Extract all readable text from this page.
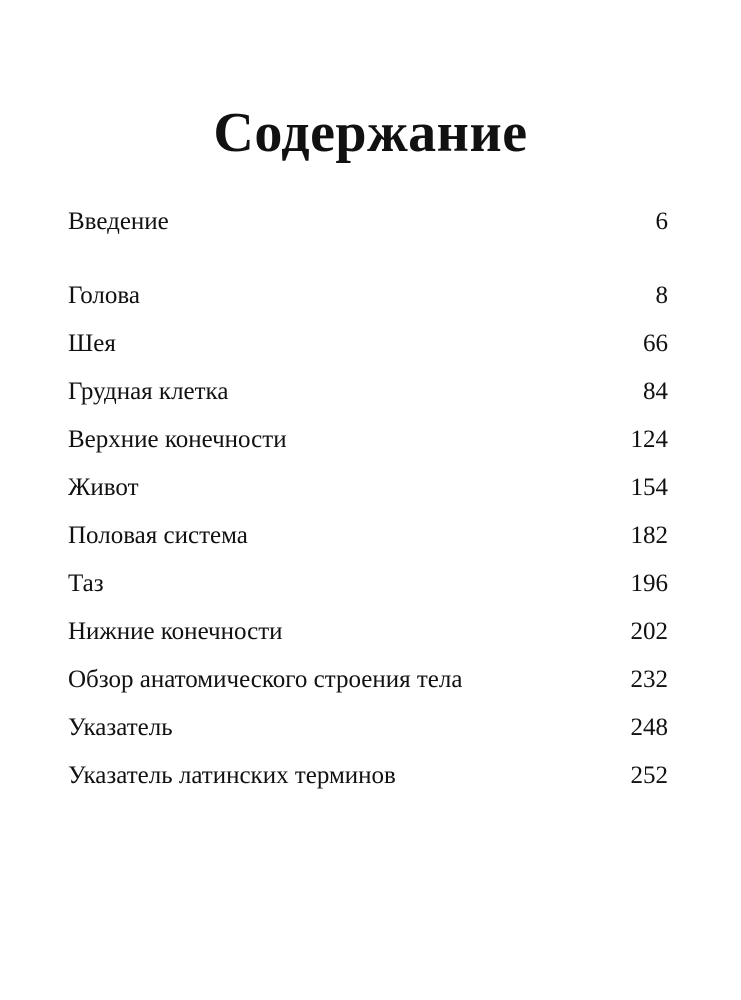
Содержание
Введение	6
Голова	8
Шея	66
Грудная клетка	84
Верхние конечности	124
Живот	154
Половая система	182
Таз	196
Нижние конечности	202
Обзор анатомического строения тела	232
Указатель	248
Указатель латинских терминов	252
